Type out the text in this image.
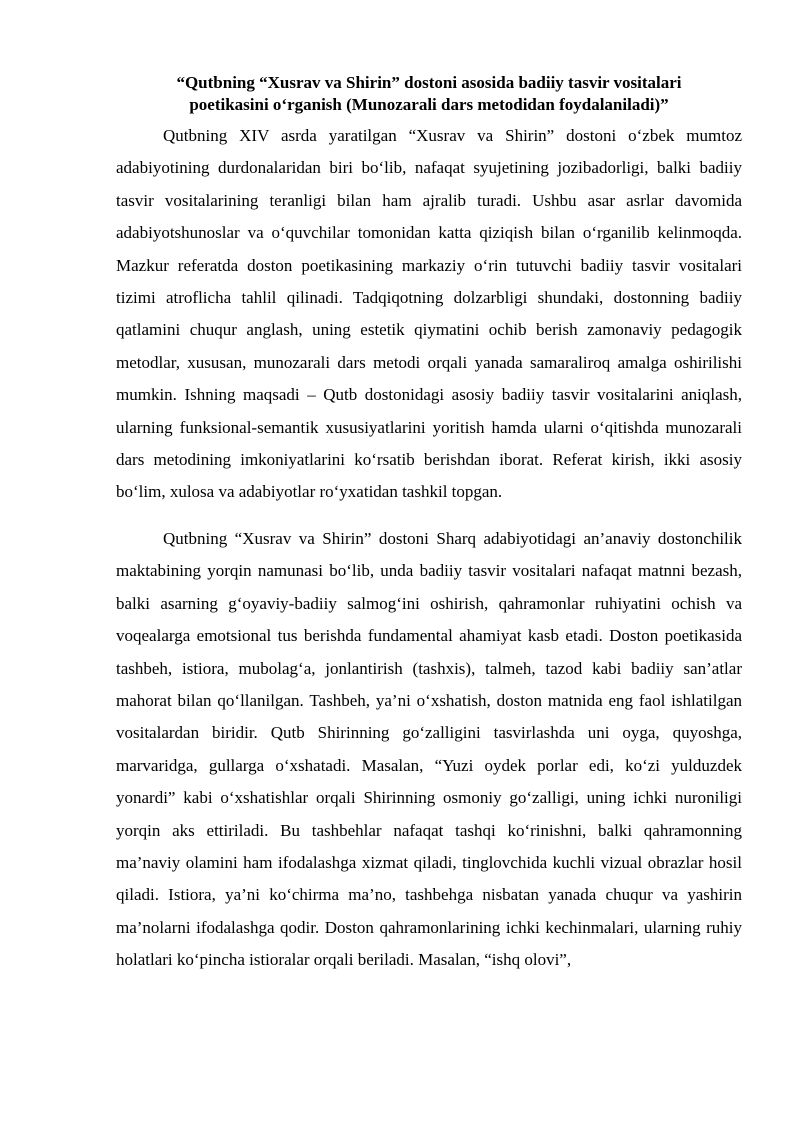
“Qutbning “Xusrav va Shirin” dostoni asosida badiiy tasvir vositalari
poetikasini o‘rganish (Munozarali dars metodidan foydalaniladi)”

Qutbning XIV asrda yaratilgan “Xusrav va Shirin” dostoni o‘zbek mumtoz adabiyotining durdonalaridan biri bo‘lib, nafaqat syujetining jozibadorligi, balki badiiy tasvir vositalarining teranligi bilan ham ajralib turadi. Ushbu asar asrlar davomida adabiyotshunoslar va o‘quvchilar tomonidan katta qiziqish bilan o‘rganilib kelinmoqda. Mazkur referatda doston poetikasining markaziy o‘rin tutuvchi badiiy tasvir vositalari tizimi atroflicha tahlil qilinadi. Tadqiqotning dolzarbligi shundaki, dostonning badiiy qatlamini chuqur anglash, uning estetik qiymatini ochib berish zamonaviy pedagogik metodlar, xususan, munozarali dars metodi orqali yanada samaraliroq amalga oshirilishi mumkin. Ishning maqsadi – Qutb dostonidagi asosiy badiiy tasvir vositalarini aniqlash, ularning funksional-semantik xususiyatlarini yoritish hamda ularni o‘qitishda munozarali dars metodining imkoniyatlarini ko‘rsatib berishdan iborat. Referat kirish, ikki asosiy bo‘lim, xulosa va adabiyotlar ro‘yxatidan tashkil topgan.

Qutbning “Xusrav va Shirin” dostoni Sharq adabiyotidagi an’anaviy dostonchilik maktabining yorqin namunasi bo‘lib, unda badiiy tasvir vositalari nafaqat matnni bezash, balki asarning g‘oyaviy-badiiy salmog‘ini oshirish, qahramonlar ruhiyatini ochish va voqealarga emotsional tus berishda fundamental ahamiyat kasb etadi. Doston poetikasida tashbeh, istiora, mubolag‘a, jonlantirish (tashxis), talmeh, tazod kabi badiiy san’atlar mahorat bilan qo‘llanilgan. Tashbeh, ya’ni o‘xshatish, doston matnida eng faol ishlatilgan vositalardan biridir. Qutb Shirinning go‘zalligini tasvirlashda uni oyga, quyoshga, marvaridga, gullarga o‘xshatadi. Masalan, “Yuzi oydek porlar edi, ko‘zi yulduzdek yonardi” kabi o‘xshatishlar orqali Shirinning osmoniy go‘zalligi, uning ichki nuroniligi yorqin aks ettiriladi. Bu tashbehlar nafaqat tashqi ko‘rinishni, balki qahramonning ma’naviy olamini ham ifodalashga xizmat qiladi, tinglovchida kuchli vizual obrazlar hosil qiladi. Istiora, ya’ni ko‘chirma ma’no, tashbehga nisbatan yanada chuqur va yashirin ma’nolarni ifodalashga qodir. Doston qahramonlarining ichki kechinmalari, ularning ruhiy holatlari ko‘pincha istioralar orqali beriladi. Masalan, “ishq olovi”,
